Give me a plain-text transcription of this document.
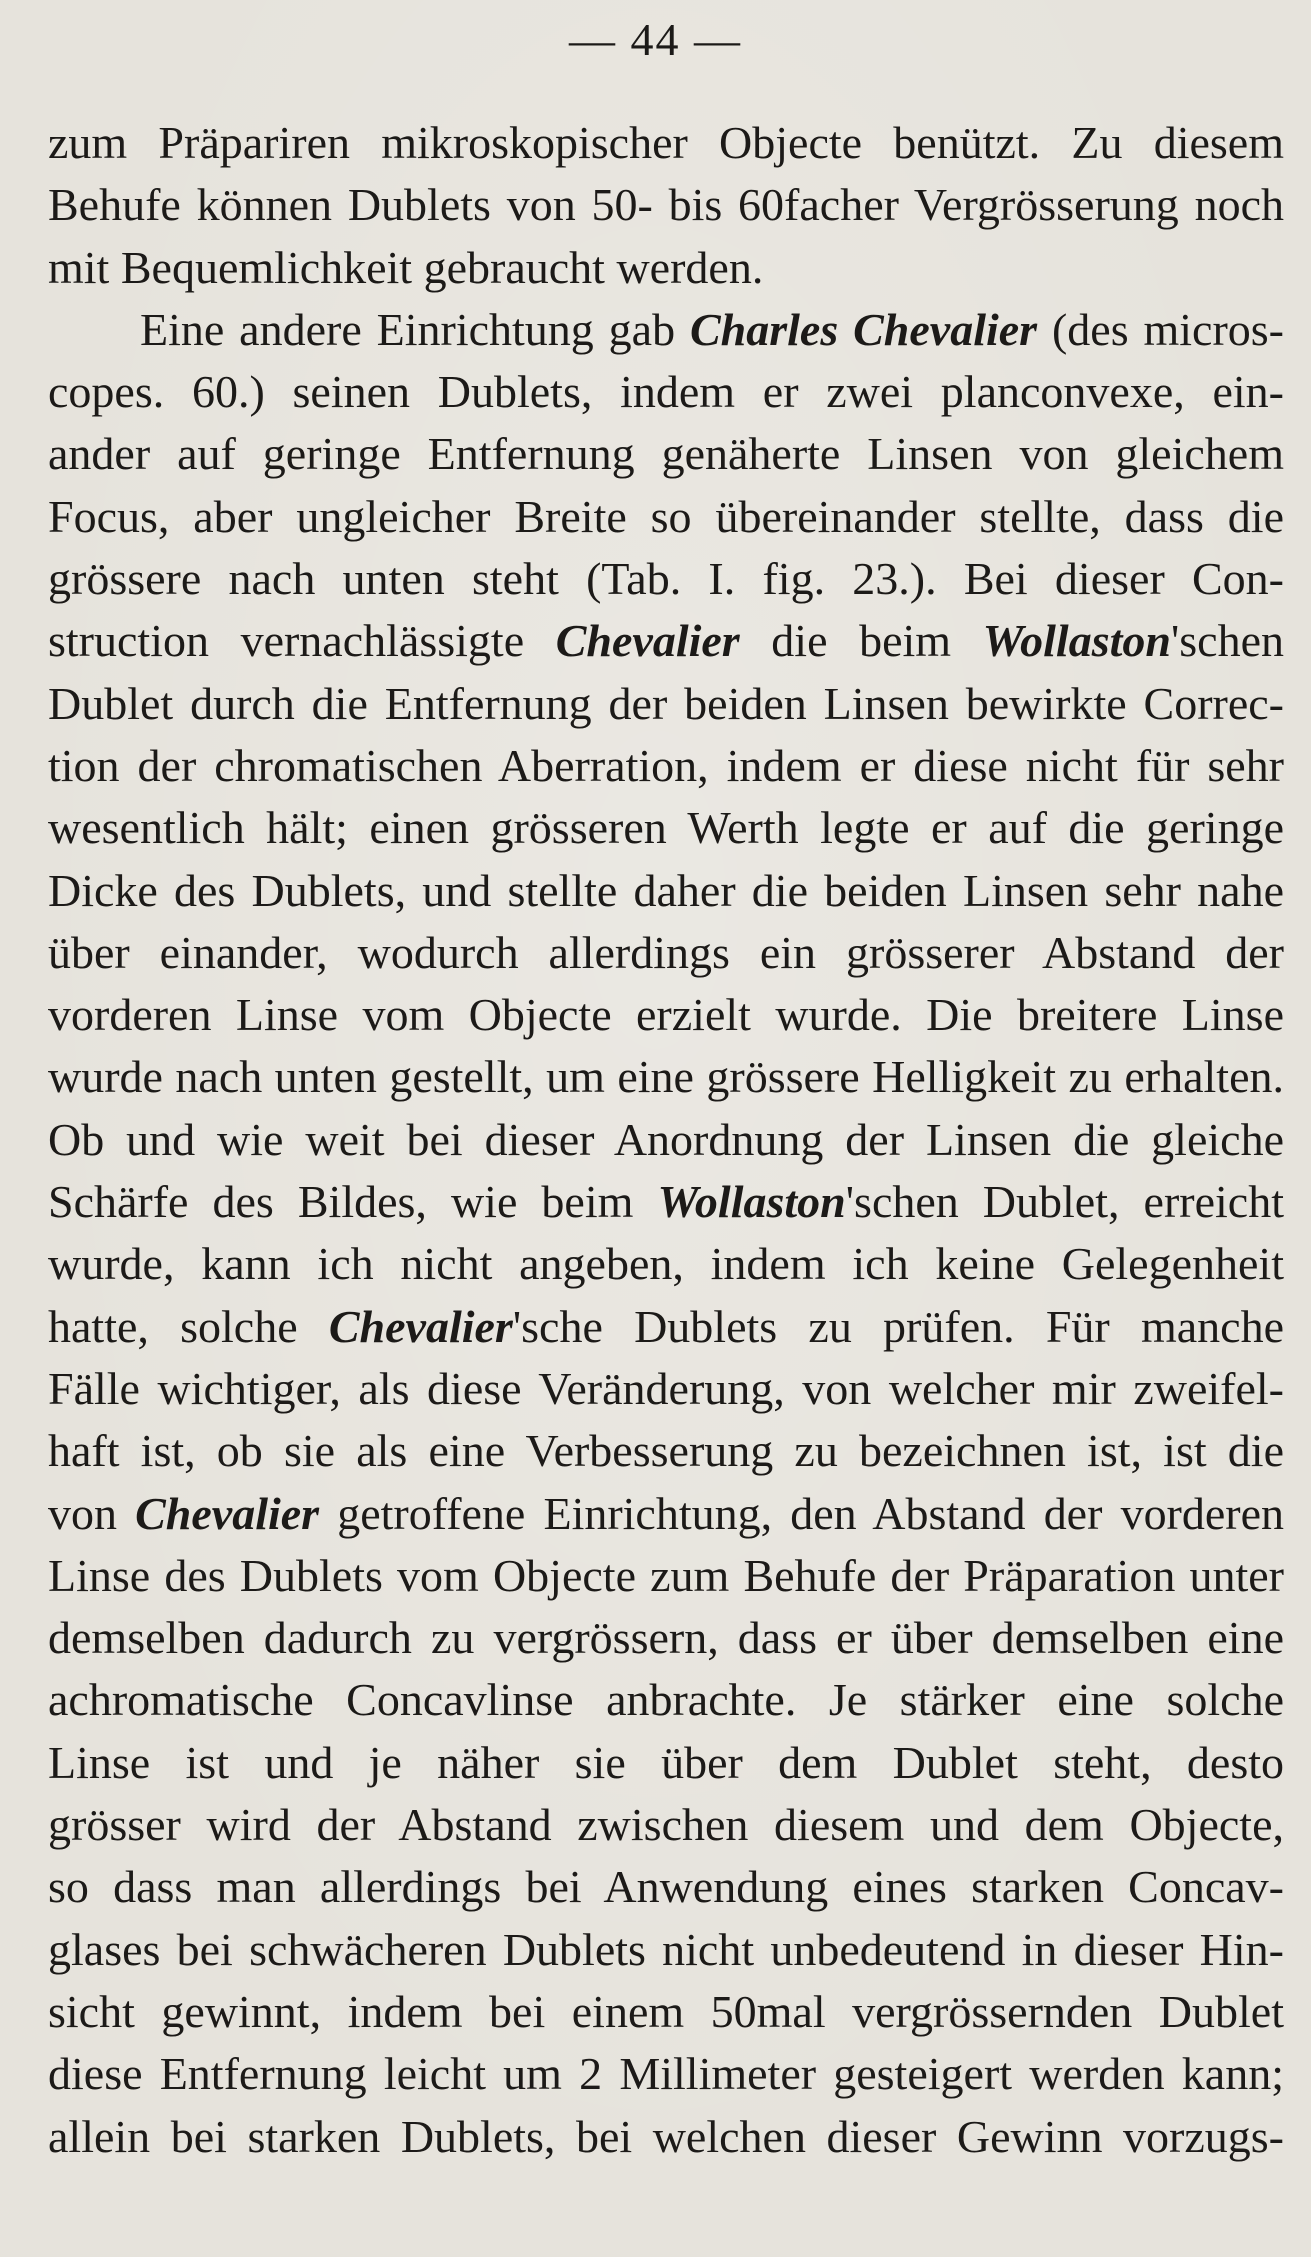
— 44 —
zum Präpariren mikroskopischer Objecte benützt. Zu diesem
Behufe können Dublets von 50- bis 60facher Vergrösserung noch
mit Bequemlichkeit gebraucht werden.
Eine andere Einrichtung gab Charles Chevalier (des micros-
copes. 60.) seinen Dublets, indem er zwei planconvexe, ein-
ander auf geringe Entfernung genäherte Linsen von gleichem
Focus, aber ungleicher Breite so übereinander stellte, dass die
grössere nach unten steht (Tab. I. fig. 23.). Bei dieser Con-
struction vernachlässigte Chevalier die beim Wollaston'schen
Dublet durch die Entfernung der beiden Linsen bewirkte Correc-
tion der chromatischen Aberration, indem er diese nicht für sehr
wesentlich hält; einen grösseren Werth legte er auf die geringe
Dicke des Dublets, und stellte daher die beiden Linsen sehr nahe
über einander, wodurch allerdings ein grösserer Abstand der
vorderen Linse vom Objecte erzielt wurde. Die breitere Linse
wurde nach unten gestellt, um eine grössere Helligkeit zu erhalten.
Ob und wie weit bei dieser Anordnung der Linsen die gleiche
Schärfe des Bildes, wie beim Wollaston'schen Dublet, erreicht
wurde, kann ich nicht angeben, indem ich keine Gelegenheit
hatte, solche Chevalier'sche Dublets zu prüfen. Für manche
Fälle wichtiger, als diese Veränderung, von welcher mir zweifel-
haft ist, ob sie als eine Verbesserung zu bezeichnen ist, ist die
von Chevalier getroffene Einrichtung, den Abstand der vorderen
Linse des Dublets vom Objecte zum Behufe der Präparation unter
demselben dadurch zu vergrössern, dass er über demselben eine
achromatische Concavlinse anbrachte. Je stärker eine solche
Linse ist und je näher sie über dem Dublet steht, desto
grösser wird der Abstand zwischen diesem und dem Objecte,
so dass man allerdings bei Anwendung eines starken Concav-
glases bei schwächeren Dublets nicht unbedeutend in dieser Hin-
sicht gewinnt, indem bei einem 50mal vergrössernden Dublet
diese Entfernung leicht um 2 Millimeter gesteigert werden kann;
allein bei starken Dublets, bei welchen dieser Gewinn vorzugs-
